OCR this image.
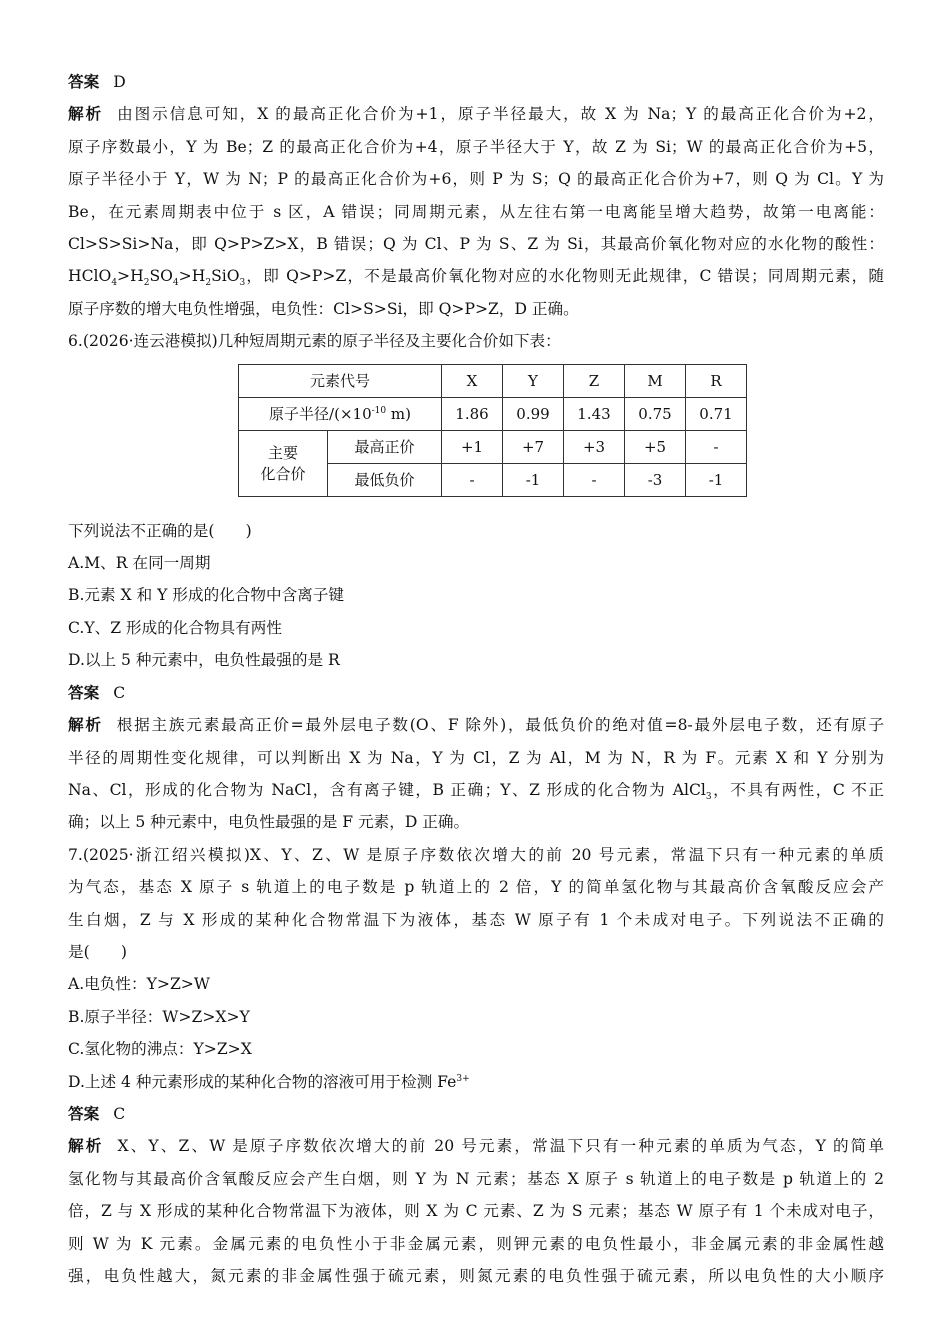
答案 D
解析 由图示信息可知，X 的最高正化合价为+1，原子半径最大，故 X 为 Na；Y 的最高正化合价为+2，
原子序数最小，Y 为 Be；Z 的最高正化合价为+4，原子半径大于 Y，故 Z 为 Si；W 的最高正化合价为+5，
原子半径小于 Y，W 为 N；P 的最高正化合价为+6，则 P 为 S；Q 的最高正化合价为+7，则 Q 为 Cl。Y 为
Be，在元素周期表中位于 s 区，A 错误；同周期元素，从左往右第一电离能呈增大趋势，故第一电离能：
Cl>S>Si>Na，即 Q>P>Z>X，B 错误；Q 为 Cl、P 为 S、Z 为 Si，其最高价氧化物对应的水化物的酸性：
$HClO_4>H_2SO_4>H_2SiO_3$，即 Q>P>Z，不是最高价氧化物对应的水化物则无此规律，C 错误；同周期元素，随
原子序数的增大电负性增强，电负性：Cl>S>Si，即 Q>P>Z，D 正确。
6.(2026·连云港模拟)几种短周期元素的原子半径及主要化合价如下表：
元素代号		X	Y	Z	M	R
原子半径$/(\times 10^{-10}$ m)		1.86	0.99	1.43	0.75	0.71
主要
化合价	最高正价	+1	+7	+3	+5	-
	最低负价	-	-1	-	-3	-1
下列说法不正确的是(　　)
A.M、R 在同一周期
B.元素 X 和 Y 形成的化合物中含离子键
C.Y、Z 形成的化合物具有两性
D.以上 5 种元素中，电负性最强的是 R
答案 C
解析 根据主族元素最高正价=最外层电子数(O、F 除外)，最低负价的绝对值=8-最外层电子数，还有原子
半径的周期性变化规律，可以判断出 X 为 Na，Y 为 Cl，Z 为 Al，M 为 N，R 为 F。元素 X 和 Y 分别为
Na、Cl，形成的化合物为 NaCl，含有离子键，B 正确；Y、Z 形成的化合物为 AlCl$_3$，不具有两性，C 不正
确；以上 5 种元素中，电负性最强的是 F 元素，D 正确。
7.(2025·浙江绍兴模拟)X、Y、Z、W 是原子序数依次增大的前 20 号元素，常温下只有一种元素的单质
为气态，基态 X 原子 s 轨道上的电子数是 p 轨道上的 2 倍，Y 的简单氢化物与其最高价含氧酸反应会产
生白烟，Z 与 X 形成的某种化合物常温下为液体，基态 W 原子有 1 个未成对电子。下列说法不正确的
是(　　)
A.电负性：Y>Z>W
B.原子半径：W>Z>X>Y
C.氢化物的沸点：Y>Z>X
D.上述 4 种元素形成的某种化合物的溶液可用于检测 $Fe^{3+}$
答案 C
解析 X、Y、Z、W 是原子序数依次增大的前 20 号元素，常温下只有一种元素的单质为气态，Y 的简单
氢化物与其最高价含氧酸反应会产生白烟，则 Y 为 N 元素；基态 X 原子 s 轨道上的电子数是 p 轨道上的 2
倍，Z 与 X 形成的某种化合物常温下为液体，则 X 为 C 元素、Z 为 S 元素；基态 W 原子有 1 个未成对电子，
则 W 为 K 元素。金属元素的电负性小于非金属元素，则钾元素的电负性最小，非金属元素的非金属性越
强，电负性越大，氮元素的非金属性强于硫元素，则氮元素的电负性强于硫元素，所以电负性的大小顺序
